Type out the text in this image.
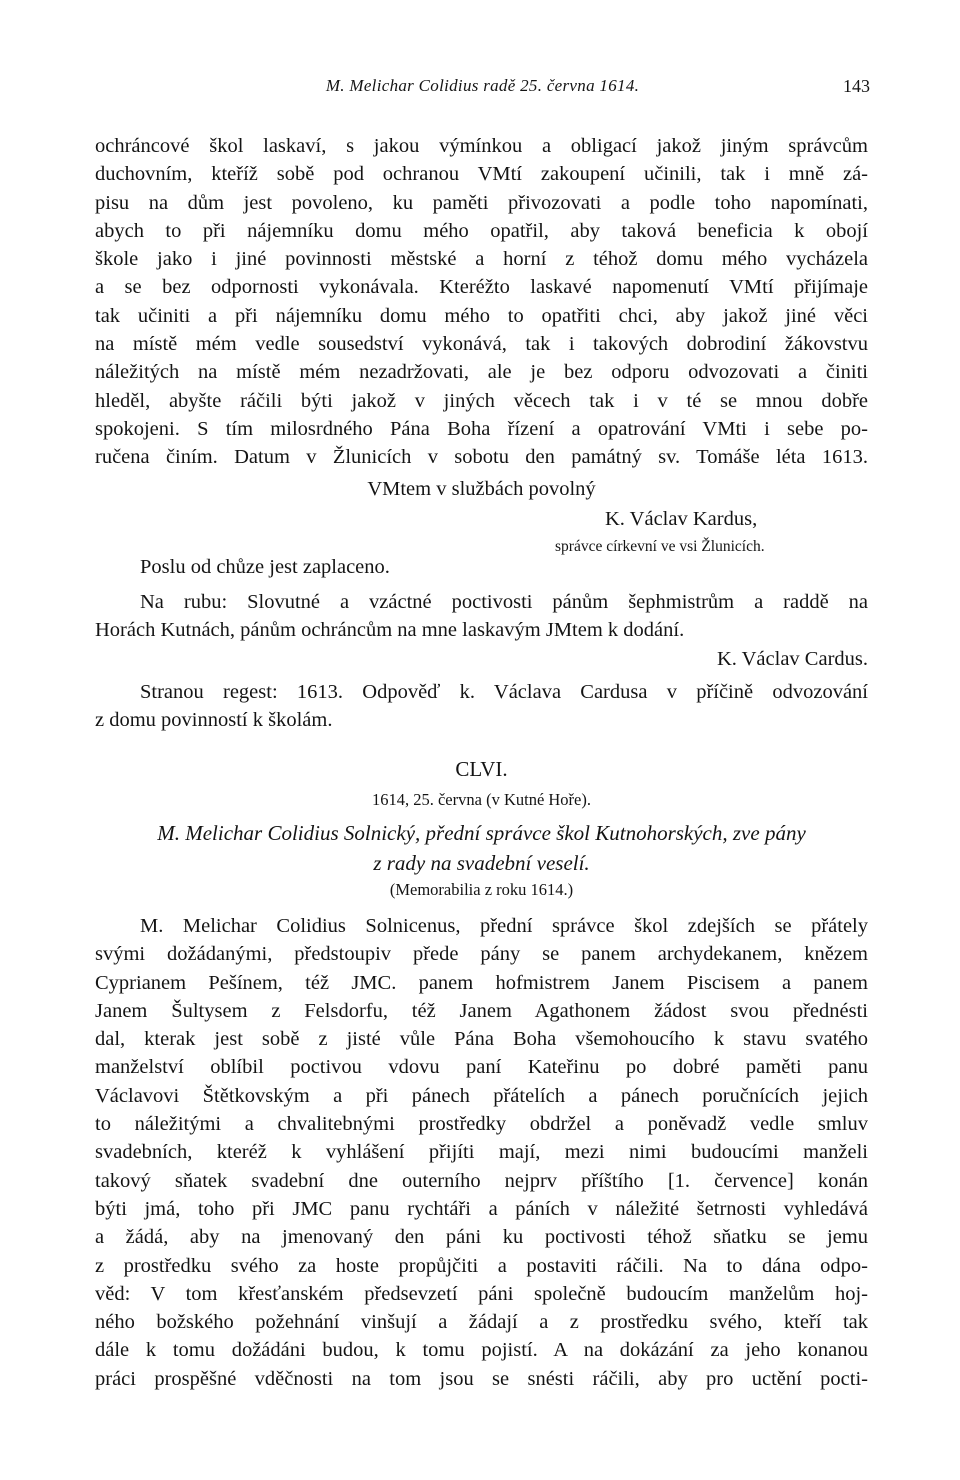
M. Melichar Colidius radě 25. června 1614.	143
ochráncové škol laskaví, s jakou výmínkou a obligací jakož jiným správcům
duchovním, kteříž sobě pod ochranou VMtí zakoupení učinili, tak i mně zá-
pisu na dům jest povoleno, ku paměti přivozovati a podle toho napomínati,
abych to při nájemníku domu mého opatřil, aby taková beneficia k obojí
škole jako i jiné povinnosti městské a horní z téhož domu mého vycházela
a se bez odpornosti vykonávala. Kteréžto laskavé napomenutí VMtí přijímaje
tak učiniti a při nájemníku domu mého to opatřiti chci, aby jakož jiné věci
na místě mém vedle sousedství vykonává, tak i takových dobrodiní žákovstvu
náležitých na místě mém nezadržovati, ale je bez odporu odvozovati a činiti
hleděl, abyšte ráčili býti jakož v jiných věcech tak i v té se mnou dobře
spokojeni. S tím milosrdného Pána Boha řízení a opatrování VMti i sebe po-
ručena činím. Datum v Žlunicích v sobotu den památný sv. Tomáše léta 1613.
VMtem v službách povolný
K. Václav Kardus,
správce církevní ve vsi Žlunicích.
Poslu od chůze jest zaplaceno.
Na rubu: Slovutné a vzáctné poctivosti pánům šephmistrům a raddě na
Horách Kutnách, pánům ochráncům na mne laskavým JMtem k dodání.
K. Václav Cardus.
Stranou regest: 1613. Odpověď k. Václava Cardusa v příčině odvozování
z domu povinností k školám.
CLVI.
1614, 25. června (v Kutné Hoře).
M. Melichar Colidius Solnický, přední správce škol Kutnohorských, zve pány
z rady na svadební veselí.
(Memorabilia z roku 1614.)
M. Melichar Colidius Solnicenus, přední správce škol zdejších se přátely
svými dožádanými, předstoupiv přede pány se panem archydekanem, knězem
Cyprianem Pešínem, též JMC. panem hofmistrem Janem Piscisem a panem
Janem Šultysem z Felsdorfu, též Janem Agathonem žádost svou přednésti
dal, kterak jest sobě z jisté vůle Pána Boha všemohoucího k stavu svatého
manželství oblíbil poctivou vdovu paní Kateřinu po dobré paměti panu
Václavovi Štětkovským a při pánech přátelích a pánech poručnících jejich
to náležitými a chvalitebnými prostředky obdržel a poněvadž vedle smluv
svadebních, kteréž k vyhlášení přijíti mají, mezi nimi budoucími manželi
takový sňatek svadební dne outerního nejprv příštího [1. července] konán
býti jmá, toho při JMC panu rychtáři a páních v náležité šetrnosti vyhledává
a žádá, aby na jmenovaný den páni ku poctivosti téhož sňatku se jemu
z prostředku svého za hoste propůjčiti a postaviti ráčili. Na to dána odpo-
věd: V tom křesťanském předsevzetí páni společně budoucím manželům hoj-
ného božského požehnání vinšují a žádají a z prostředku svého, kteří tak
dále k tomu dožádáni budou, k tomu pojistí. A na dokázání za jeho konanou
práci prospěšné vděčnosti na tom jsou se snésti ráčili, aby pro uctění pocti-
